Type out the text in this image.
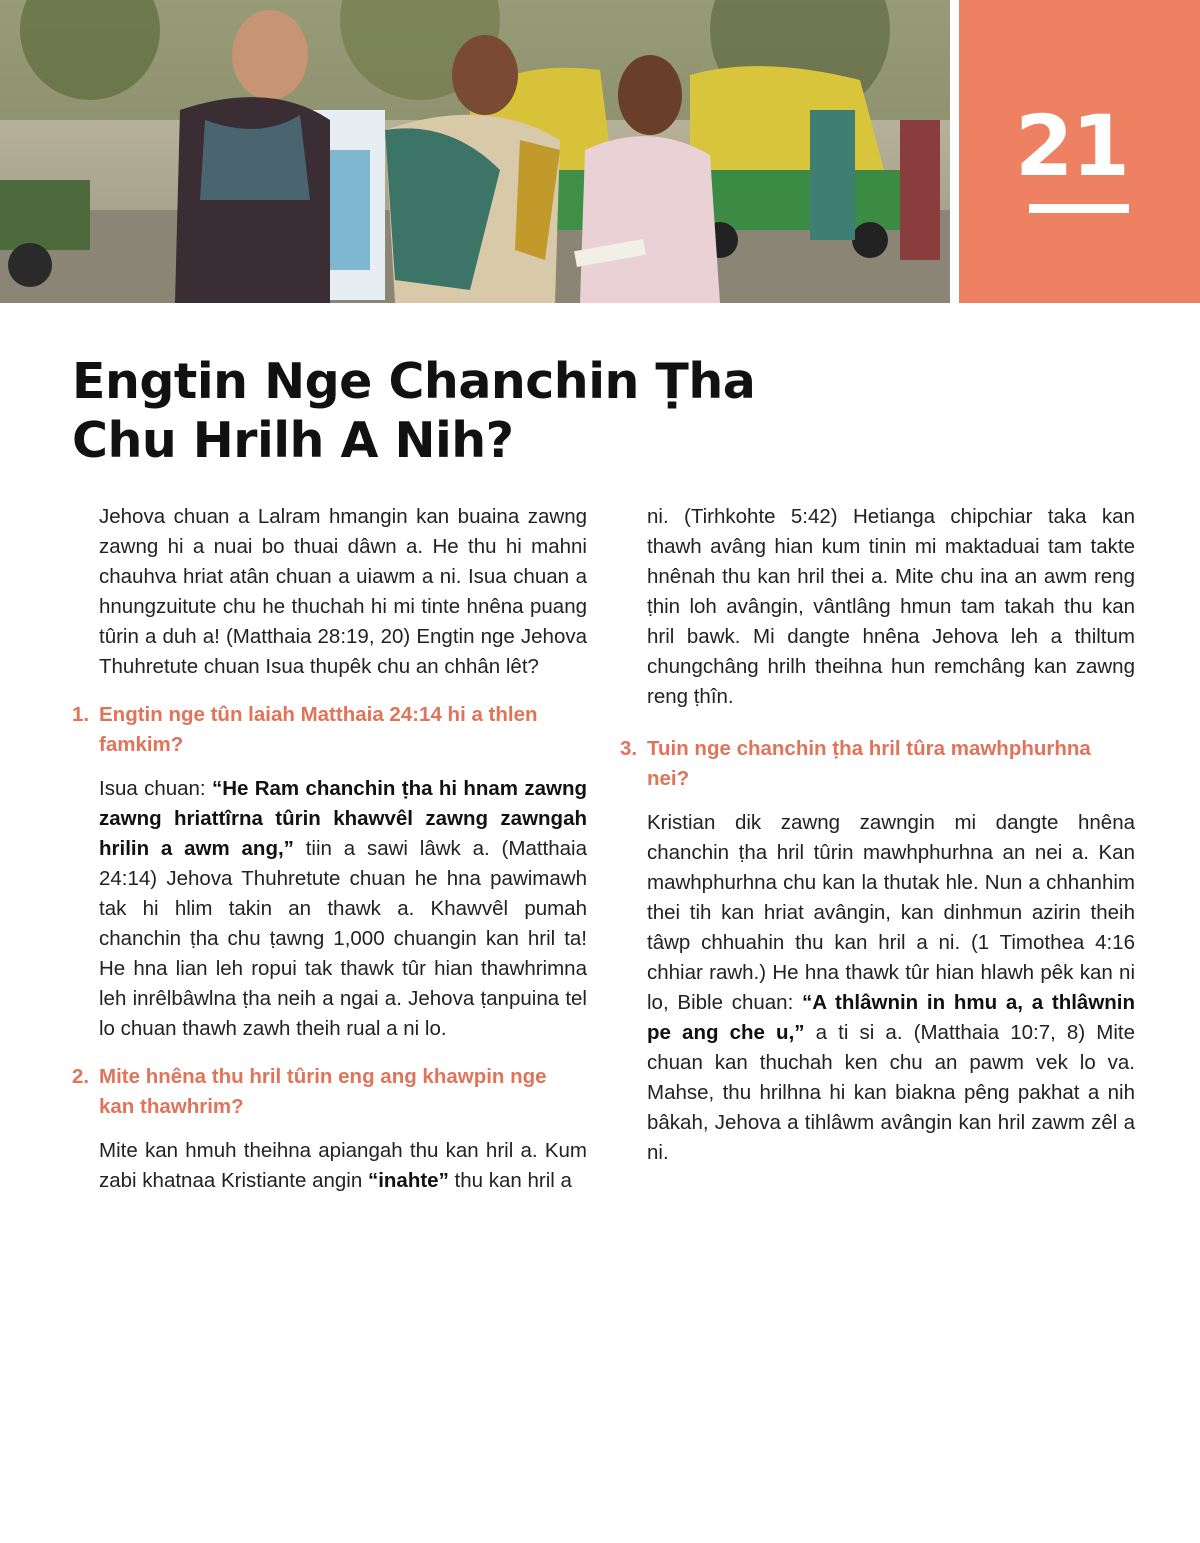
21
Engtin Nge Chanchin Ṭha
Chu Hrilh A Nih?

Jehova chuan a Lalram hmangin kan buaina zawng zawng hi a nuai bo thuai dâwn a. He thu hi mahni chauhva hriat atân chuan a uiawm a ni. Isua chuan a hnungzuitute chu he thuchah hi mi tinte hnêna puang tûrin a duh a! (Matthaia 28:19, 20) Engtin nge Jehova Thuhretute chuan Isua thupêk chu an chhân lêt?

1. Engtin nge tûn laiah Matthaia 24:14 hi a thlen famkim?

Isua chuan: “He Ram chanchin ṭha hi hnam zawng zawng hriattîrna tûrin khawvêl zawng zawngah hrilin a awm ang,” tiin a sawi lâwk a. (Matthaia 24:14) Jehova Thuhretute chuan he hna pawimawh tak hi hlim takin an thawk a. Khawvêl pumah chanchin ṭha chu ṭawng 1,000 chuangin kan hril ta! He hna lian leh ropui tak thawk tûr hian thawhrimna leh inrêlbâwlna ṭha neih a ngai a. Jehova ṭanpuina tel lo chuan thawh zawh theih rual a ni lo.

2. Mite hnêna thu hril tûrin eng ang khawpin nge kan thawhrim?

Mite kan hmuh theihna apiangah thu kan hril a. Kum zabi khatnaa Kristiante angin “inahte” thu kan hril a

ni. (Tirhkohte 5:42) Hetianga chipchiar taka kan thawh avâng hian kum tinin mi maktaduai tam takte hnênah thu kan hril thei a. Mite chu ina an awm reng ṭhin loh avângin, vântlâng hmun tam takah thu kan hril bawk. Mi dangte hnêna Jehova leh a thiltum chungchâng hrilh theihna hun remchâng kan zawng reng ṭhîn.

3. Tuin nge chanchin ṭha hril tûra mawhphurhna nei?

Kristian dik zawng zawngin mi dangte hnêna chanchin ṭha hril tûrin mawhphurhna an nei a. Kan mawhphurhna chu kan la thutak hle. Nun a chhanhim thei tih kan hriat avângin, kan dinhmun azirin theih tâwp chhuahin thu kan hril a ni. (1 Timothea 4:16 chhiar rawh.) He hna thawk tûr hian hlawh pêk kan ni lo, Bible chuan: “A thlâwnin in hmu a, a thlâwnin pe ang che u,” a ti si a. (Matthaia 10:7, 8) Mite chuan kan thuchah ken chu an pawm vek lo va. Mahse, thu hrilhna hi kan biakna pêng pakhat a nih bâkah, Jehova a tihlâwm avângin kan hril zawm zêl a ni.
